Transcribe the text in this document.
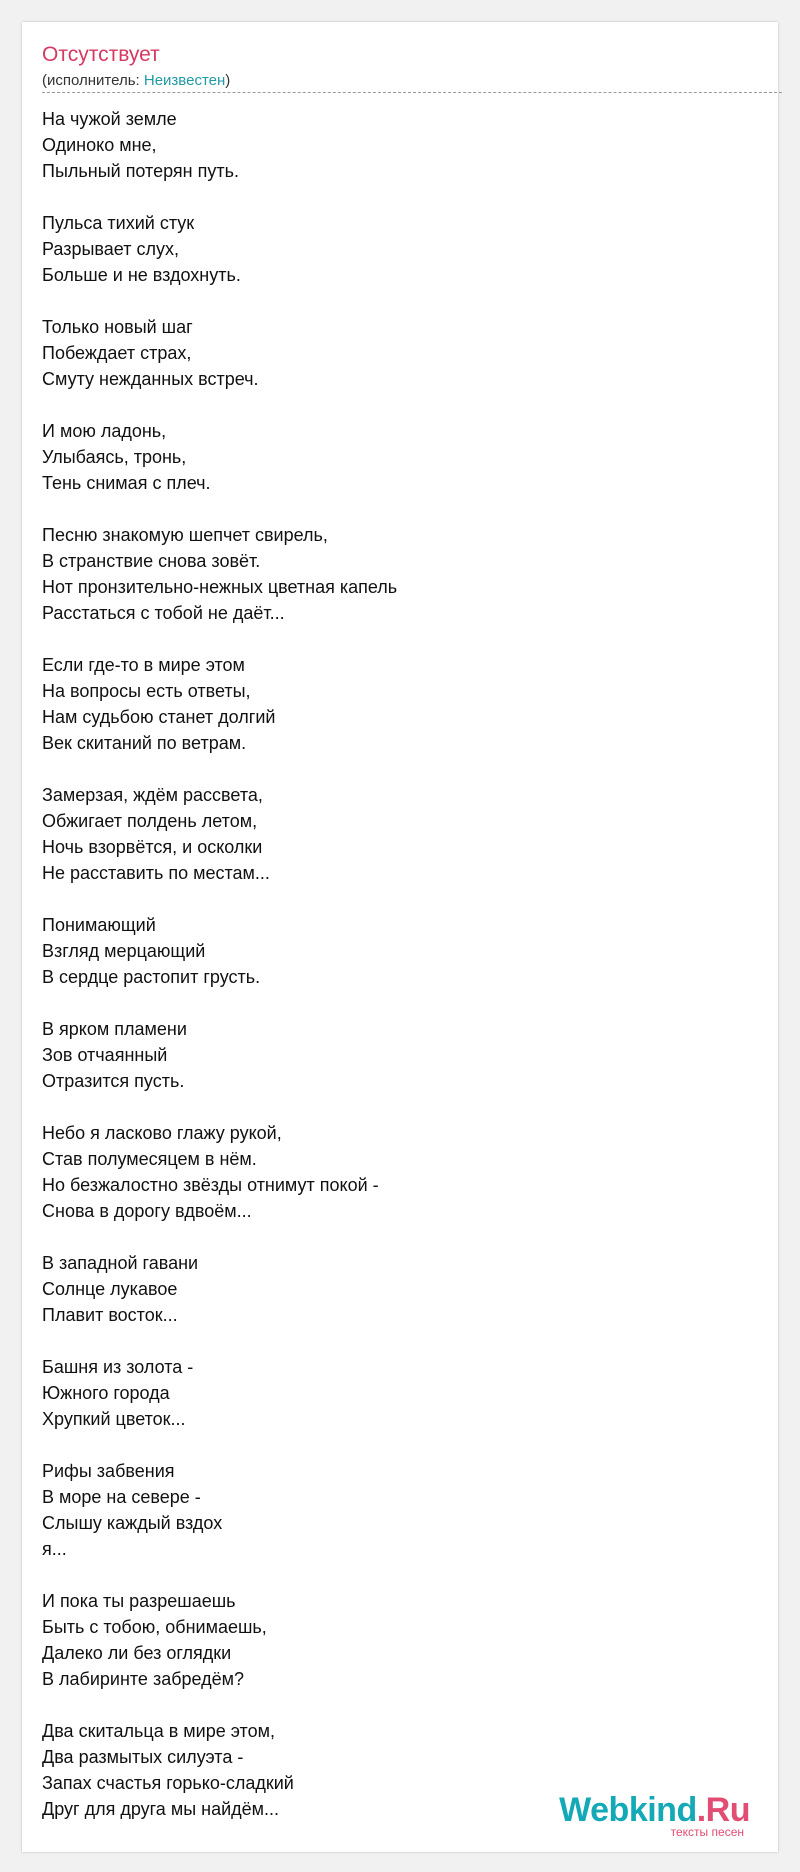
Отсутствует
(исполнитель: Неизвестен)
На чужой земле
Одиноко мне,
Пыльный потерян путь.
Пульса тихий стук
Разрывает слух,
Больше и не вздохнуть.
Только новый шаг
Побеждает страх,
Смуту нежданных встреч.
И мою ладонь,
Улыбаясь, тронь,
Тень снимая с плеч.
Песню знакомую шепчет свирель,
В странствие снова зовёт.
Нот пронзительно-нежных цветная капель
Расстаться с тобой не даёт...
Если где-то в мире этом
На вопросы есть ответы,
Нам судьбою станет долгий
Век скитаний по ветрам.
Замерзая, ждём рассвета,
Обжигает полдень летом,
Ночь взорвётся, и осколки
Не расставить по местам...
Понимающий
Взгляд мерцающий
В сердце растопит грусть.
В ярком пламени
Зов отчаянный
Отразится пусть.
Небо я ласково глажу рукой,
Став полумесяцем в нём.
Но безжалостно звёзды отнимут покой -
Снова в дорогу вдвоём...
В западной гавани
Солнце лукавое
Плавит восток...
Башня из золота -
Южного города
Хрупкий цветок...
Рифы забвения
В море на севере -
Слышу каждый вздох
я...
И пока ты разрешаешь
Быть с тобою, обнимаешь,
Далеко ли без оглядки
В лабиринте забредём?
Два скитальца в мире этом,
Два размытых силуэта -
Запах счастья горько-сладкий
Друг для друга мы найдём...	Webkind.Ru
тексты песен
